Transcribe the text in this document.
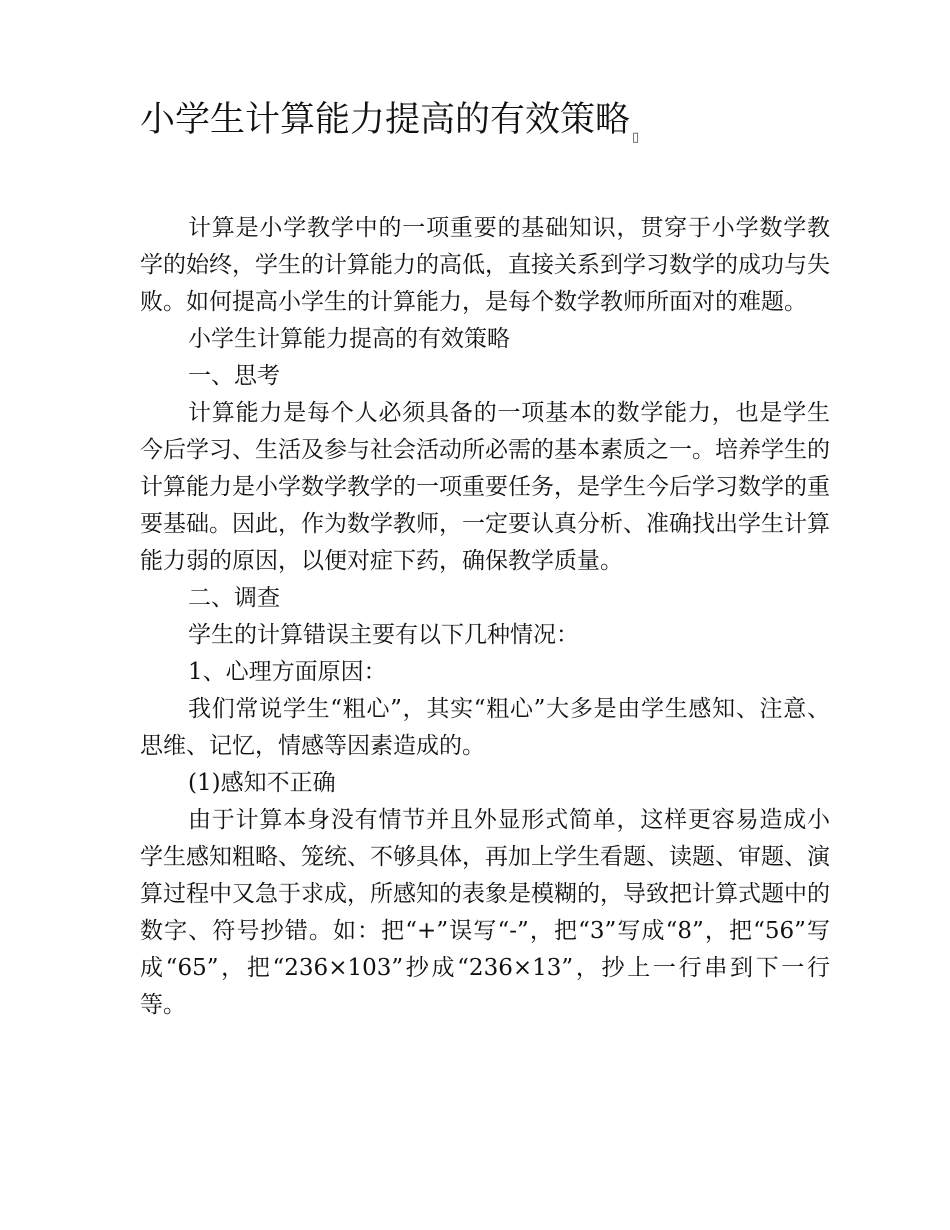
小学生计算能力提高的有效策略 ▯

计算是小学教学中的一项重要的基础知识，贯穿于小学数学教学的始终，学生的计算能力的高低，直接关系到学习数学的成功与失败。如何提高小学生的计算能力，是每个数学教师所面对的难题。

小学生计算能力提高的有效策略

一、思考

计算能力是每个人必须具备的一项基本的数学能力，也是学生今后学习、生活及参与社会活动所必需的基本素质之一。培养学生的计算能力是小学数学教学的一项重要任务，是学生今后学习数学的重要基础。因此，作为数学教师，一定要认真分析、准确找出学生计算能力弱的原因，以便对症下药，确保教学质量。

二、调查

学生的计算错误主要有以下几种情况：

1、心理方面原因：

我们常说学生“粗心”，其实“粗心”大多是由学生感知、注意、思维、记忆，情感等因素造成的。

(1)感知不正确

由于计算本身没有情节并且外显形式简单，这样更容易造成小学生感知粗略、笼统、不够具体，再加上学生看题、读题、审题、演算过程中又急于求成，所感知的表象是模糊的，导致把计算式题中的数字、符号抄错。如：把“+”误写“-”，把“3”写成“8”，把“56”写成“65”，把“236×103”抄成“236×13”，抄上一行串到下一行等。
